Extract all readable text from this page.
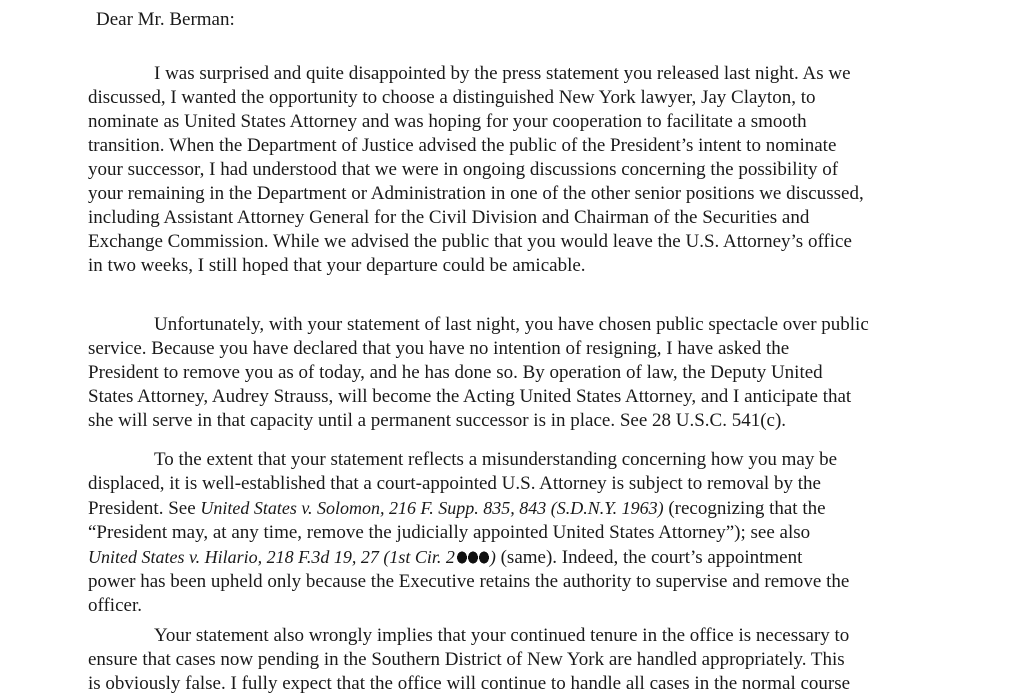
Dear Mr. Berman:

I was surprised and quite disappointed by the press statement you released last night. As we
discussed, I wanted the opportunity to choose a distinguished New York lawyer, Jay Clayton, to
nominate as United States Attorney and was hoping for your cooperation to facilitate a smooth
transition. When the Department of Justice advised the public of the President’s intent to nominate
your successor, I had understood that we were in ongoing discussions concerning the possibility of
your remaining in the Department or Administration in one of the other senior positions we discussed,
including Assistant Attorney General for the Civil Division and Chairman of the Securities and
Exchange Commission. While we advised the public that you would leave the U.S. Attorney’s office
in two weeks, I still hoped that your departure could be amicable.
Unfortunately, with your statement of last night, you have chosen public spectacle over public
service. Because you have declared that you have no intention of resigning, I have asked the
President to remove you as of today, and he has done so. By operation of law, the Deputy United
States Attorney, Audrey Strauss, will become the Acting United States Attorney, and I anticipate that
she will serve in that capacity until a permanent successor is in place. See 28 U.S.C. 541(c).
To the extent that your statement reflects a misunderstanding concerning how you may be
displaced, it is well-established that a court-appointed U.S. Attorney is subject to removal by the
President. See United States v. Solomon, 216 F. Supp. 835, 843 (S.D.N.Y. 1963) (recognizing that the
“President may, at any time, remove the judicially appointed United States Attorney”); see also
United States v. Hilario, 218 F.3d 19, 27 (1st Cir. 2 ) (same). Indeed, the court’s appointment
power has been upheld only because the Executive retains the authority to supervise and remove the
officer.
Your statement also wrongly implies that your continued tenure in the office is necessary to
ensure that cases now pending in the Southern District of New York are handled appropriately. This
is obviously false. I fully expect that the office will continue to handle all cases in the normal course
